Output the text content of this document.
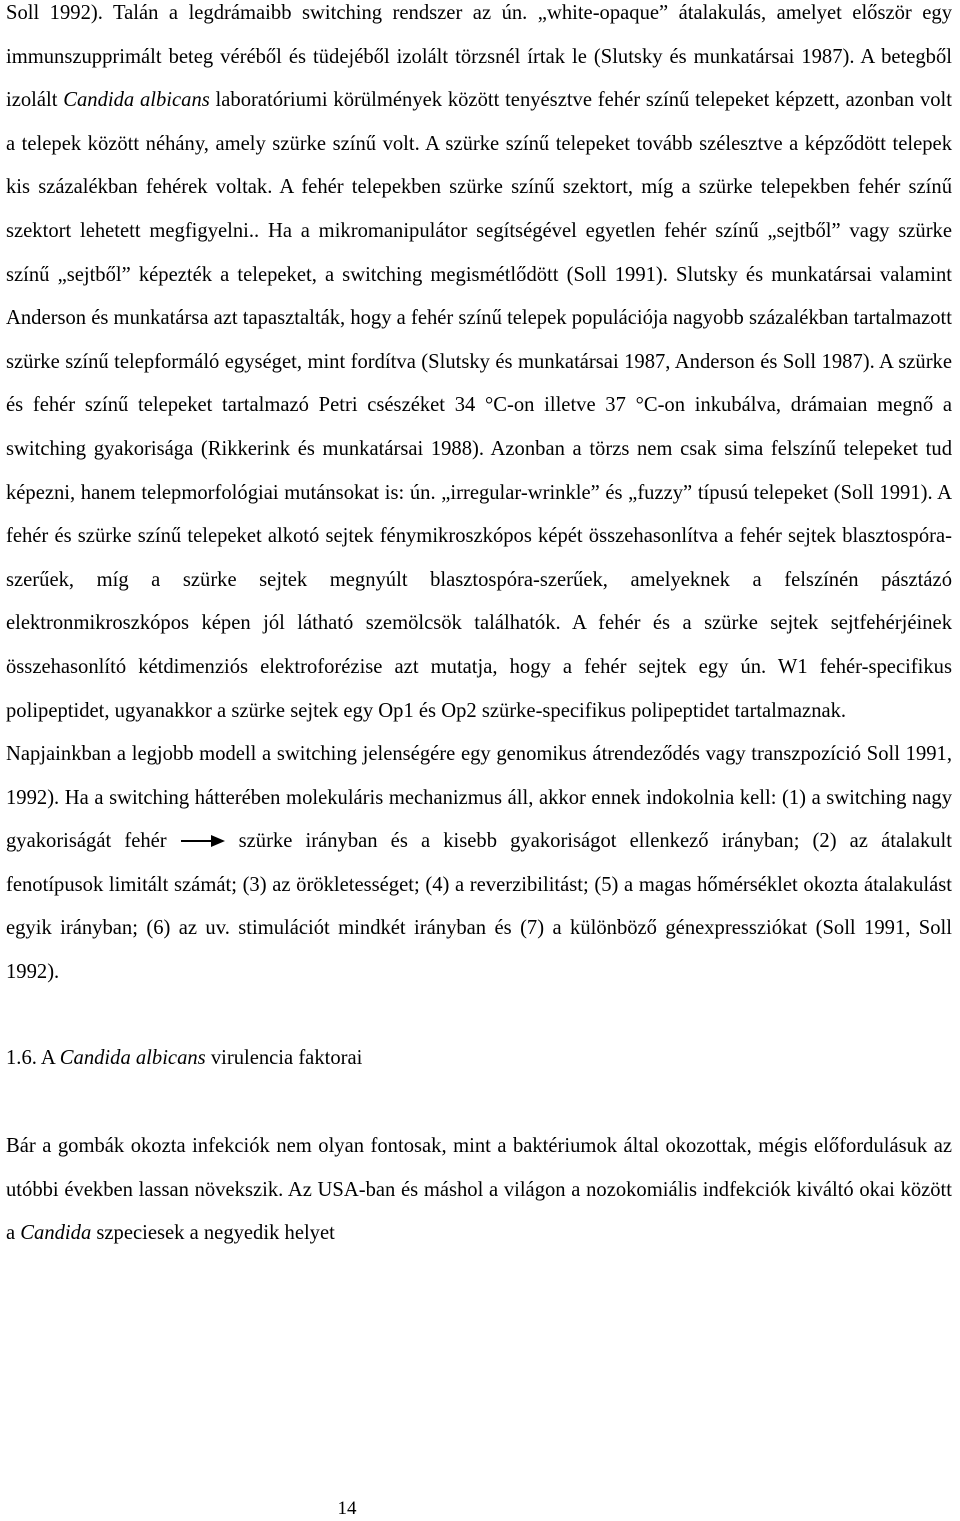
Soll 1992). Talán a legdrámaibb switching rendszer az ún. „white-opaque” átalakulás, amelyet először egy immunszupprimált beteg véréből és tüdejéből izolált törzsnél írtak le (Slutsky és munkatársai 1987). A betegből izolált Candida albicans laboratóriumi körülmények között tenyésztve fehér színű telepeket képzett, azonban volt a telepek között néhány, amely szürke színű volt. A szürke színű telepeket tovább szélesztve a képződött telepek kis százalékban fehérek voltak. A fehér telepekben szürke színű szektort, míg a szürke telepekben fehér színű szektort lehetett megfigyelni.. Ha a mikromanipulátor segítségével egyetlen fehér színű „sejtből” vagy szürke színű „sejtből” képezték a telepeket, a switching megismétlődött (Soll 1991). Slutsky és munkatársai valamint Anderson és munkatársa azt tapasztalták, hogy a fehér színű telepek populációja nagyobb százalékban tartalmazott szürke színű telepformáló egységet, mint fordítva (Slutsky és munkatársai 1987, Anderson és Soll 1987). A szürke és fehér színű telepeket tartalmazó Petri csészéket 34 °C-on illetve 37 °C-on inkubálva, drámaian megnő a switching gyakorisága (Rikkerink és munkatársai 1988). Azonban a törzs nem csak sima felszínű telepeket tud képezni, hanem telepmorfológiai mutánsokat is: ún. „irregular-wrinkle” és „fuzzy” típusú telepeket (Soll 1991). A fehér és szürke színű telepeket alkotó sejtek fénymikroszkópos képét összehasonlítva a fehér sejtek blasztospóra-szerűek, míg a szürke sejtek megnyúlt blasztospóra-szerűek, amelyeknek a felszínén pásztázó elektronmikroszkópos képen jól látható szemölcsök találhatók. A fehér és a szürke sejtek sejtfehérjéinek összehasonlító kétdimenziós elektroforézise azt mutatja, hogy a fehér sejtek egy ún. W1 fehér-specifikus polipeptidet, ugyanakkor a szürke sejtek egy Op1 és Op2 szürke-specifikus polipeptidet tartalmaznak.

Napjainkban a legjobb modell a switching jelenségére egy genomikus átrendeződés vagy transzpozíció Soll 1991, 1992). Ha a switching hátterében molekuláris mechanizmus áll, akkor ennek indokolnia kell: (1) a switching nagy gyakoriságát fehér	szürke irányban és a kisebb gyakoriságot ellenkező irányban; (2) az átalakult fenotípusok limitált számát; (3) az örökletességet; (4) a reverzibilitást; (5) a magas hőmérséklet okozta átalakulást egyik irányban; (6) az uv. stimulációt mindkét irányban és (7) a különböző génexpressziókat (Soll 1991, Soll 1992).

1.6. A Candida albicans virulencia faktorai

Bár a gombák okozta infekciók nem olyan fontosak, mint a baktériumok által okozottak, mégis előfordulásuk az utóbbi években lassan növekszik. Az USA-ban és máshol a világon a nozokomiális indfekciók kiváltó okai között a Candida szpeciesek a negyedik helyet

14
